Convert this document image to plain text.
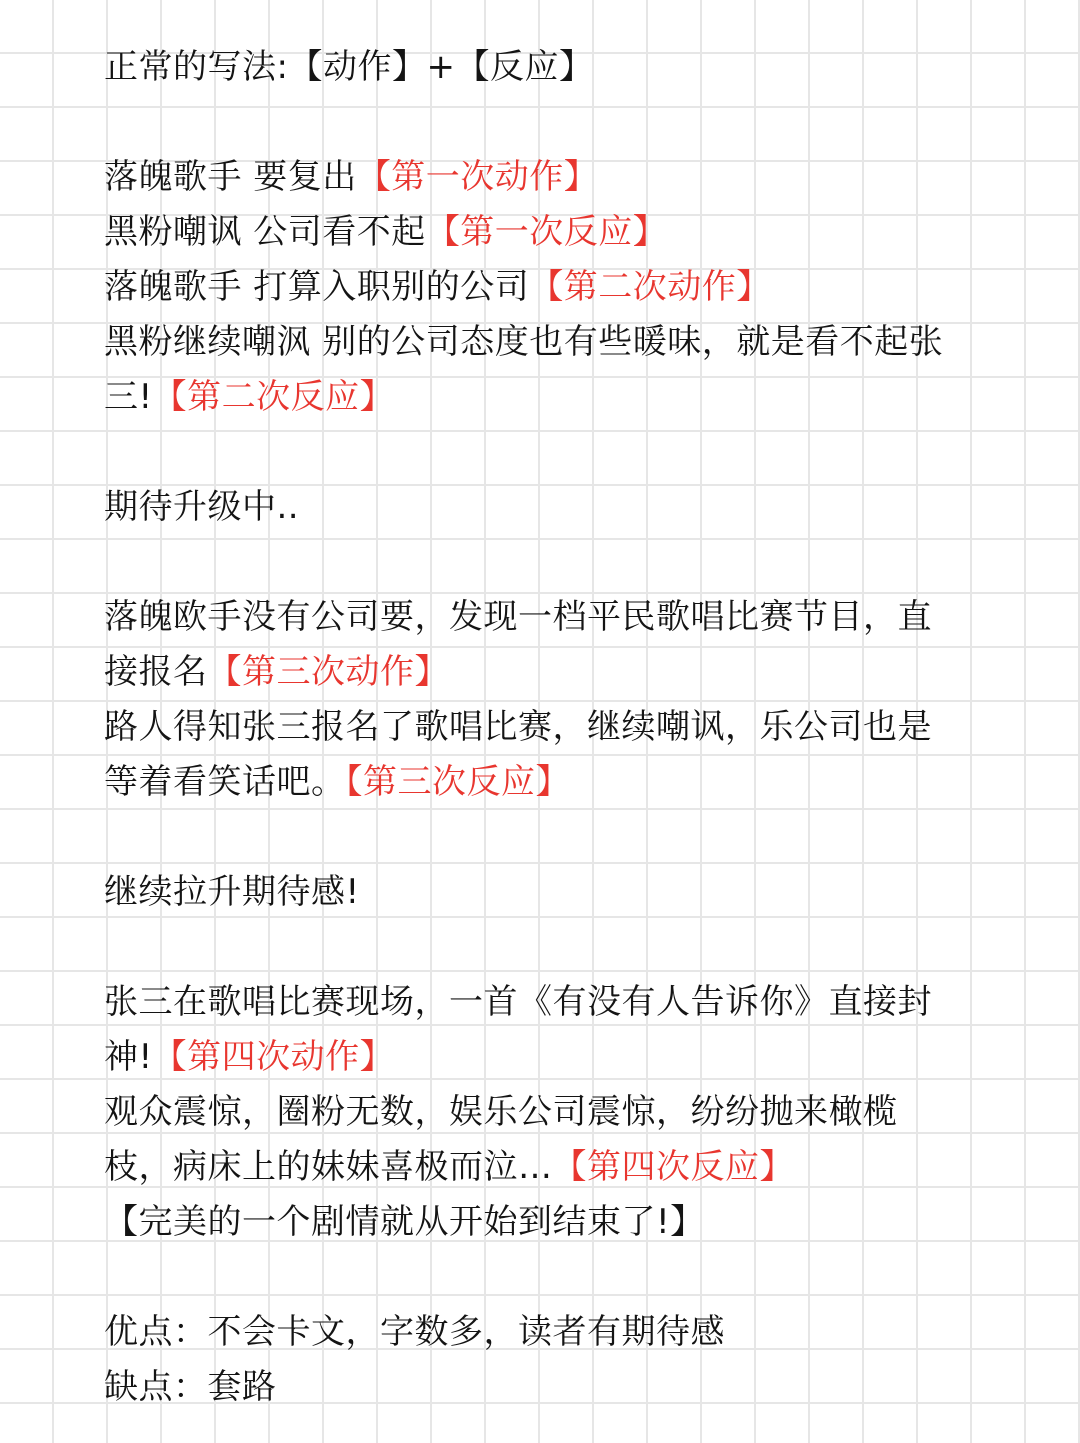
正常的写法:【动作】+【反应】
落魄歌手 要复出【第一次动作】
黑粉嘲讽 公司看不起【第一次反应】
落魄歌手 打算入职别的公司【第二次动作】
黑粉继续嘲沨 别的公司态度也有些暖味，就是看不起张
三!【第二次反应】
期待升级中..
落魄欧手没有公司要，发现一档平民歌唱比赛节目，直
接报名【第三次动作】
路人得知张三报名了歌唱比赛，继续嘲讽，乐公司也是
等着看笑话吧。【第三次反应】
继续拉升期待感!
张三在歌唱比赛现场，一首《有没有人告诉你》直接封
神!【第四次动作】
观众震惊，圈粉无数，娱乐公司震惊，纷纷抛来橄榄
枝，病床上的妹妹喜极而泣…【第四次反应】
【完美的一个剧情就从开始到结束了!】
优点：不会卡文，字数多，读者有期待感
缺点：套路
